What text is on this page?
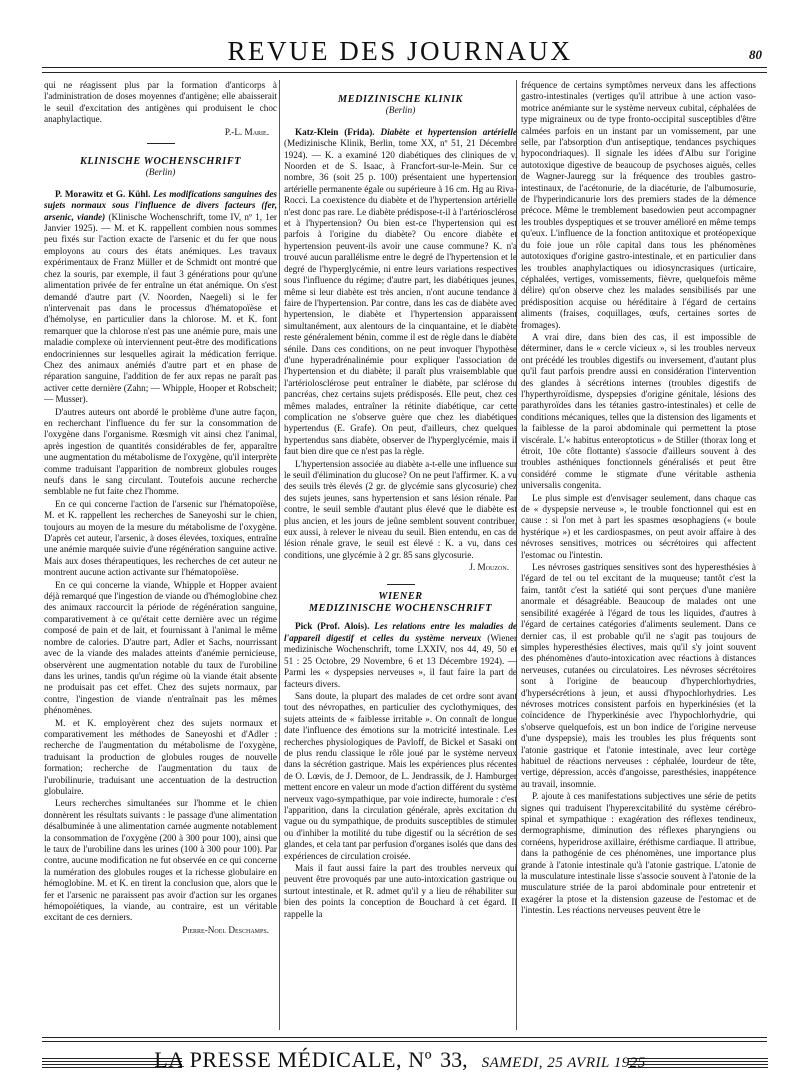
REVUE DES JOURNAUX	80

qui ne réagissent plus par la formation d'anticorps à l'administration de doses moyennes d'antigène; elle abaisserait le seuil d'excitation des antigènes qui produisent le choc anaphylactique.

P.-L. Marie.
KLINISCHE WOCHENSCHRIFT
(Berlin)

P. Morawitz et G. Kühl. Les modifications sanguines des sujets normaux sous l'influence de divers facteurs (fer, arsenic, viande) (Klinische Wochenschrift, tome IV, nº 1, 1er Janvier 1925). — M. et K. rappellent combien nous sommes peu fixés sur l'action exacte de l'arsenic et du fer que nous employons au cours des états anémiques. Les travaux expérimentaux de Franz Müller et de Schmidt ont montré que chez la souris, par exemple, il faut 3 générations pour qu'une alimentation privée de fer entraîne un état anémique. On s'est demandé d'autre part (V. Noorden, Naegeli) si le fer n'intervenait pas dans le processus d'hématopoïèse et d'hémolyse, en particulier dans la chlorose. M. et K. font remarquer que la chlorose n'est pas une anémie pure, mais une maladie complexe où interviennent peut-être des modifications endocriniennes sur lesquelles agirait la médication ferrique. Chez des animaux anémiés d'autre part et en phase de réparation sanguine, l'addition de fer aux repas ne paraît pas activer cette dernière (Zahn; — Whipple, Hooper et Robscheit; — Musser).

D'autres auteurs ont abordé le problème d'une autre façon, en recherchant l'influence du fer sur la consommation de l'oxygène dans l'organisme. Rœsmigh vit ainsi chez l'animal, après ingestion de quantités considérables de fer, apparaître une augmentation du métabolisme de l'oxygène, qu'il interprète comme traduisant l'apparition de nombreux globules rouges neufs dans le sang circulant. Toutefois aucune recherche semblable ne fut faite chez l'homme.

En ce qui concerne l'action de l'arsenic sur l'hématopoïèse, M. et K. rappellent les recherches de Saneyoshi sur le chien, toujours au moyen de la mesure du métabolisme de l'oxygène. D'après cet auteur, l'arsenic, à doses élevées, toxiques, entraîne une anémie marquée suivie d'une régénération sanguine active. Mais aux doses thérapeutiques, les recherches de cet auteur ne montrent aucune action activante sur l'hématopoïèse.

En ce qui concerne la viande, Whipple et Hopper avaient déjà remarqué que l'ingestion de viande ou d'hémoglobine chez des animaux raccourcit la période de régénération sanguine, comparativement à ce qu'était cette dernière avec un régime composé de pain et de lait, et fournissant à l'animal le même nombre de calories. D'autre part, Adler et Sachs, nourrissant avec de la viande des malades atteints d'anémie pernicieuse, observèrent une augmentation notable du taux de l'urobiline dans les urines, tandis qu'un régime où la viande était absente ne produisait pas cet effet. Chez des sujets normaux, par contre, l'ingestion de viande n'entraînait pas les mêmes phénomènes.

M. et K. employèrent chez des sujets normaux et comparativement les méthodes de Saneyoshi et d'Adler : recherche de l'augmentation du métabolisme de l'oxygène, traduisant la production de globules rouges de nouvelle formation; recherche de l'augmentation du taux de l'urobilinurie, traduisant une accentuation de la destruction globulaire.

Leurs recherches simultanées sur l'homme et le chien donnèrent les résultats suivants : le passage d'une alimentation désalbuminée à une alimentation carnée augmente notablement la consommation de l'oxygène (200 à 300 pour 100), ainsi que le taux de l'urobiline dans les urines (100 à 300 pour 100). Par contre, aucune modification ne fut observée en ce qui concerne la numération des globules rouges et la richesse globulaire en hémoglobine. M. et K. en tirent la conclusion que, alors que le fer et l'arsenic ne paraissent pas avoir d'action sur les organes hémopoïétiques, la viande, au contraire, est un véritable excitant de ces derniers.

Pierre-Noel Deschamps.
MEDIZINISCHE KLINIK
(Berlin)

Katz-Klein (Frida). Diabète et hypertension artérielle (Medizinische Klinik, Berlin, tome XX, nº 51, 21 Décembre 1924). — K. a examiné 120 diabétiques des cliniques de v. Noorden et de S. Isaac, à Francfort-sur-le-Mein. Sur ce nombre, 36 (soit 25 p. 100) présentaient une hypertension artérielle permanente égale ou supérieure à 16 cm. Hg au Riva-Rocci. La coexistence du diabète et de l'hypertension artérielle n'est donc pas rare. Le diabète prédispose-t-il à l'artériosclérose et à l'hypertension? Ou bien est-ce l'hypertension qui est parfois à l'origine du diabète? Ou encore diabète et hypertension peuvent-ils avoir une cause commune? K. n'a trouvé aucun parallélisme entre le degré de l'hypertension et le degré de l'hyperglycémie, ni entre leurs variations respectives sous l'influence du régime; d'autre part, les diabétiques jeunes, même si leur diabète est très ancien, n'ont aucune tendance à faire de l'hypertension. Par contre, dans les cas de diabète avec hypertension, le diabète et l'hypertension apparaissent simultanément, aux alentours de la cinquantaine, et le diabète reste généralement bénin, comme il est de règle dans le diabète sénile. Dans ces conditions, on ne peut invoquer l'hypothèse d'une hyperadrénalinémie pour expliquer l'association de l'hypertension et du diabète; il paraît plus vraisemblable que l'artériolosclérose peut entraîner le diabète, par sclérose du pancréas, chez certains sujets prédisposés. Elle peut, chez ces mêmes malades, entraîner la rétinite diabétique, car cette complication ne s'observe guère que chez les diabétiques hypertendus (E. Grafe). On peut, d'ailleurs, chez quelques hypertendus sans diabète, observer de l'hyperglycémie, mais il faut bien dire que ce n'est pas la règle.

L'hypertension associée au diabète a-t-elle une influence sur le seuil d'élimination du glucose? On ne peut l'affirmer. K. a vu des seuils très élevés (2 gr. de glycémie sans glycosurie) chez des sujets jeunes, sans hypertension et sans lésion rénale. Par contre, le seuil semble d'autant plus élevé que le diabète est plus ancien, et les jours de jeûne semblent souvent contribuer, eux aussi, à relever le niveau du seuil. Bien entendu, en cas de lésion rénale grave, le seuil est élevé : K. a vu, dans ces conditions, une glycémie à 2 gr. 85 sans glycosurie.

J. Mouzon.
WIENER
MEDIZINISCHE WOCHENSCHRIFT

Pick (Prof. Alois). Les relations entre les maladies de l'appareil digestif et celles du système nerveux (Wiener medizinische Wochenschrift, tome LXXIV, nos 44, 49, 50 et 51 : 25 Octobre, 29 Novembre, 6 et 13 Décembre 1924). — Parmi les « dyspepsies nerveuses », il faut faire la part de facteurs divers.

Sans doute, la plupart des malades de cet ordre sont avant tout des névropathes, en particulier des cyclothymiques, des sujets atteints de « faiblesse irritable ». On connaît de longue date l'influence des émotions sur la motricité intestinale. Les recherches physiologiques de Pavloff, de Bickel et Sasaki ont de plus rendu classique le rôle joué par le système nerveux dans la sécrétion gastrique. Mais les expériences plus récentes de O. Lœvis, de J. Demoor, de L. Jendrassik, de J. Hamburger mettent encore en valeur un mode d'action différent du système nerveux vago-sympathique, par voie indirecte, humorale : c'est l'apparition, dans la circulation générale, après excitation du vague ou du sympathique, de produits susceptibles de stimuler ou d'inhiber la motilité du tube digestif ou la sécrétion de ses glandes, et cela tant par perfusion d'organes isolés que dans des expériences de circulation croisée.

Mais il faut aussi faire la part des troubles nerveux qui peuvent être provoqués par une auto-intoxication gastrique ou surtout intestinale, et R. admet qu'il y a lieu de réhabiliter sur bien des points la conception de Bouchard à cet égard. Il rappelle la

fréquence de certains symptômes nerveux dans les affections gastro-intestinales (vertiges qu'il attribue à une action vaso-motrice anémiante sur le système nerveux cubital, céphalées de type migraineux ou de type fronto-occipital susceptibles d'être calmées parfois en un instant par un vomissement, par une selle, par l'absorption d'un antiseptique, tendances psychiques hypocondriaques). Il signale les idées d'Albu sur l'origine autotoxique digestive de beaucoup de psychoses aiguës, celles de Wagner-Jauregg sur la fréquence des troubles gastro-intestinaux, de l'acétonurie, de la diacéturie, de l'albumosurie, de l'hyperindicanurie lors des premiers stades de la démence précoce. Même le tremblement basedowien peut accompagner les troubles dyspeptiques et se trouver amélioré en même temps qu'eux. L'influence de la fonction antitoxique et protéopexique du foie joue un rôle capital dans tous les phénomènes autotoxiques d'origine gastro-intestinale, et en particulier dans les troubles anaphylactiques ou idiosyncrasiques (urticaire, céphalées, vertiges, vomissements, fièvre, quelquefois même délire) qu'on observe chez les malades sensibilisés par une prédisposition acquise ou héréditaire à l'égard de certains aliments (fraises, coquillages, œufs, certaines sortes de fromages).

A vrai dire, dans bien des cas, il est impossible de déterminer, dans le « cercle vicieux », si les troubles nerveux ont précédé les troubles digestifs ou inversement, d'autant plus qu'il faut parfois prendre aussi en considération l'intervention des glandes à sécrétions internes (troubles digestifs de l'hyperthyroïdisme, dyspepsies d'origine génitale, lésions des parathyroïdes dans les tétanies gastro-intestinales) et celle de conditions mécaniques, telles que la distension des ligaments et la faiblesse de la paroi abdominale qui permettent la ptose viscérale. L'« habitus enteroptoticus » de Stiller (thorax long et étroit, 10e côte flottante) s'associe d'ailleurs souvent à des troubles asthéniques fonctionnels généralisés et peut être considéré comme le stigmate d'une véritable asthenia universalis congenita.

Le plus simple est d'envisager seulement, dans chaque cas de « dyspepsie nerveuse », le trouble fonctionnel qui est en cause : si l'on met à part les spasmes œsophagiens (« boule hystérique ») et les cardiospasmes, on peut avoir affaire à des névroses sensitives, motrices ou sécrétoires qui affectent l'estomac ou l'intestin.

Les névroses gastriques sensitives sont des hyperesthésies à l'égard de tel ou tel excitant de la muqueuse; tantôt c'est la faim, tantôt c'est la satiété qui sont perçues d'une manière anormale et désagréable. Beaucoup de malades ont une sensibilité exagérée à l'égard de tous les liquides, d'autres à l'égard de certaines catégories d'aliments seulement. Dans ce dernier cas, il est probable qu'il ne s'agit pas toujours de simples hyperesthésies électives, mais qu'il s'y joint souvent des phénomènes d'auto-intoxication avec réactions à distances nerveuses, cutanées ou circulatoires. Les névroses sécrétoires sont à l'origine de beaucoup d'hyperchlorhydries, d'hypersécrétions à jeun, et aussi d'hypochlorhydries. Les névroses motrices consistent parfois en hyperkinésies (et la coïncidence de l'hyperkinésie avec l'hypochlorhydrie, qui s'observe quelquefois, est un bon indice de l'origine nerveuse d'une dyspepsie), mais les troubles les plus fréquents sont l'atonie gastrique et l'atonie intestinale, avec leur cortège habituel de réactions nerveuses : céphalée, lourdeur de tête, vertige, dépression, accès d'angoisse, paresthésies, inappétence au travail, insomnie.

P. ajoute à ces manifestations subjectives une série de petits signes qui traduisent l'hyperexcitabilité du système cérébro-spinal et sympathique : exagération des réflexes tendineux, dermographisme, diminution des réflexes pharyngiens ou cornéens, hyperidrose axillaire, éréthisme cardiaque. Il attribue, dans la pathogénie de ces phénomènes, une importance plus grande à l'atonie intestinale qu'à l'atonie gastrique. L'atonie de la musculature intestinale lisse s'associe souvent à l'atonie de la musculature striée de la paroi abdominale pour entretenir et exagérer la ptose et la distension gazeuse de l'estomac et de l'intestin. Les réactions nerveuses peuvent être le

LA PRESSE MÉDICALE, Nº 33, SAMEDI, 25 AVRIL 1925
